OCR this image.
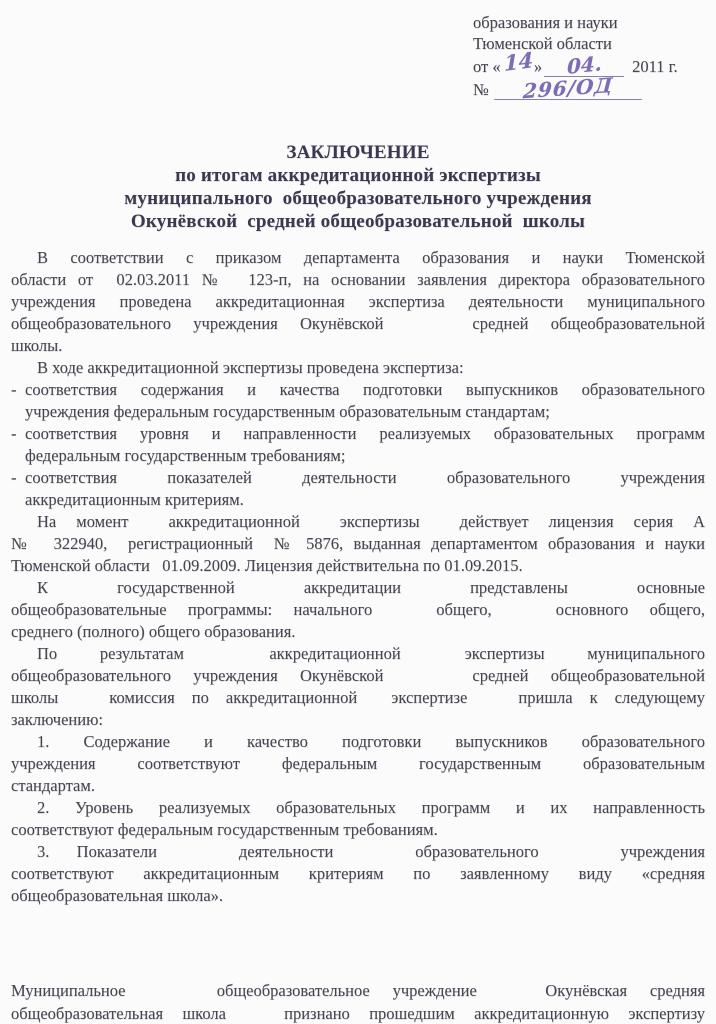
образования и науки
Тюменской области
от « 14» 04. 2011 г.
№ 296/ОД
ЗАКЛЮЧЕНИЕ
по итогам аккредитационной экспертизы
муниципального  общеобразовательного учреждения
Окунёвской  средней общеобразовательной  школы
В соответствии с приказом департамента образования и науки Тюменской
области от  02.03.2011 №  123-п, на основании заявления директора образовательного
учреждения проведена аккредитационная экспертиза деятельности муниципального
общеобразовательного учреждения Окунёвской    средней общеобразовательной
школы.
В ходе аккредитационной экспертизы проведена экспертиза:
- соответствия содержания и качества подготовки выпускников образовательного
учреждения федеральным государственным образовательным стандартам;
- соответствия уровня и направленности реализуемых образовательных программ
федеральным государственным требованиям;
- соответствия показателей деятельности образовательного учреждения
аккредитационным критериям.
На момент  аккредитационной  экспертизы  действует лицензия серия А
№  322940,  регистрационный  № 5876, выданная департаментом образования и науки
Тюменской области   01.09.2009. Лицензия действительна по 01.09.2015.
К   государственной   аккредитации   представлены   основные
общеобразовательные программы: начального   общего,   основного общего,
среднего (полного) общего образования.
По  результатам    аккредитационной   экспертизы  муниципального
общеобразовательного учреждения Окунёвской    средней общеобразовательной
школы   комиссия по аккредитационной  экспертизе   пришла к следующему
заключению:
1. Содержание и качество подготовки выпускников образовательного
учреждения соответствуют федеральным государственным образовательным
стандартам.
2. Уровень реализуемых образовательных программ и их направленность
соответствуют федеральным государственным требованиям.
3. Показатели   деятельности   образовательного   учреждения
соответствуют аккредитационным критериям по заявленному виду «средняя
общеобразовательная школа».
Муниципальное    общеобразовательное учреждение   Окунёвская средняя
общеобразовательная школа   признано прошедшим аккредитационную экспертизу
